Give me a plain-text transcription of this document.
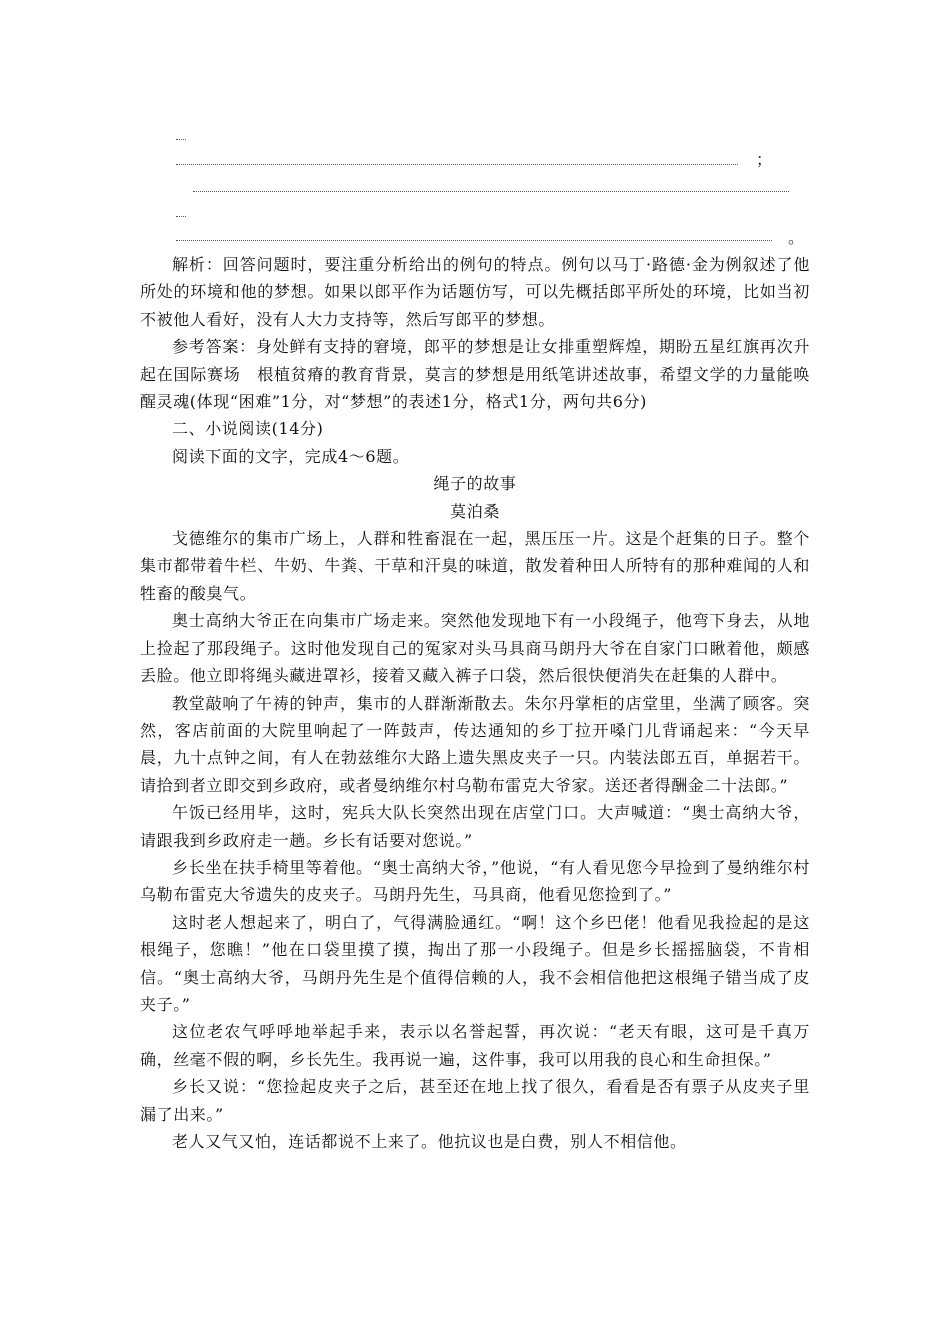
；
。

解析：回答问题时，要注重分析给出的例句的特点。例句以马丁·路德·金为例叙述了他所处的环境和他的梦想。如果以郎平作为话题仿写，可以先概括郎平所处的环境，比如当初不被他人看好，没有人大力支持等，然后写郎平的梦想。

参考答案：身处鲜有支持的窘境，郎平的梦想是让女排重塑辉煌，期盼五星红旗再次升起在国际赛场　根植贫瘠的教育背景，莫言的梦想是用纸笔讲述故事，希望文学的力量能唤醒灵魂(体现“困难”1分，对“梦想”的表述1分，格式1分，两句共6分)

二、小说阅读(14分)

阅读下面的文字，完成4～6题。

绳子的故事

莫泊桑

戈德维尔的集市广场上，人群和牲畜混在一起，黑压压一片。这是个赶集的日子。整个集市都带着牛栏、牛奶、牛粪、干草和汗臭的味道，散发着种田人所特有的那种难闻的人和牲畜的酸臭气。

奥士高纳大爷正在向集市广场走来。突然他发现地下有一小段绳子，他弯下身去，从地上捡起了那段绳子。这时他发现自己的冤家对头马具商马朗丹大爷在自家门口瞅着他，颇感丢脸。他立即将绳头藏进罩衫，接着又藏入裤子口袋，然后很快便消失在赶集的人群中。

教堂敲响了午祷的钟声，集市的人群渐渐散去。朱尔丹掌柜的店堂里，坐满了顾客。突然，客店前面的大院里响起了一阵鼓声，传达通知的乡丁拉开嗓门儿背诵起来：“今天早晨，九十点钟之间，有人在勃兹维尔大路上遗失黑皮夹子一只。内装法郎五百，单据若干。请拾到者立即交到乡政府，或者曼纳维尔村乌勒布雷克大爷家。送还者得酬金二十法郎。”

午饭已经用毕，这时，宪兵大队长突然出现在店堂门口。大声喊道：“奥士高纳大爷，请跟我到乡政府走一趟。乡长有话要对您说。”

乡长坐在扶手椅里等着他。“奥士高纳大爷，”他说，“有人看见您今早捡到了曼纳维尔村乌勒布雷克大爷遗失的皮夹子。马朗丹先生，马具商，他看见您捡到了。”

这时老人想起来了，明白了，气得满脸通红。“啊！这个乡巴佬！他看见我捡起的是这根绳子，您瞧！”他在口袋里摸了摸，掏出了那一小段绳子。但是乡长摇摇脑袋，不肯相信。“奥士高纳大爷，马朗丹先生是个值得信赖的人，我不会相信他把这根绳子错当成了皮夹子。”

这位老农气呼呼地举起手来，表示以名誉起誓，再次说：“老天有眼，这可是千真万确，丝毫不假的啊，乡长先生。我再说一遍，这件事，我可以用我的良心和生命担保。”

乡长又说：“您捡起皮夹子之后，甚至还在地上找了很久，看看是否有票子从皮夹子里漏了出来。”

老人又气又怕，连话都说不上来了。他抗议也是白费，别人不相信他。
